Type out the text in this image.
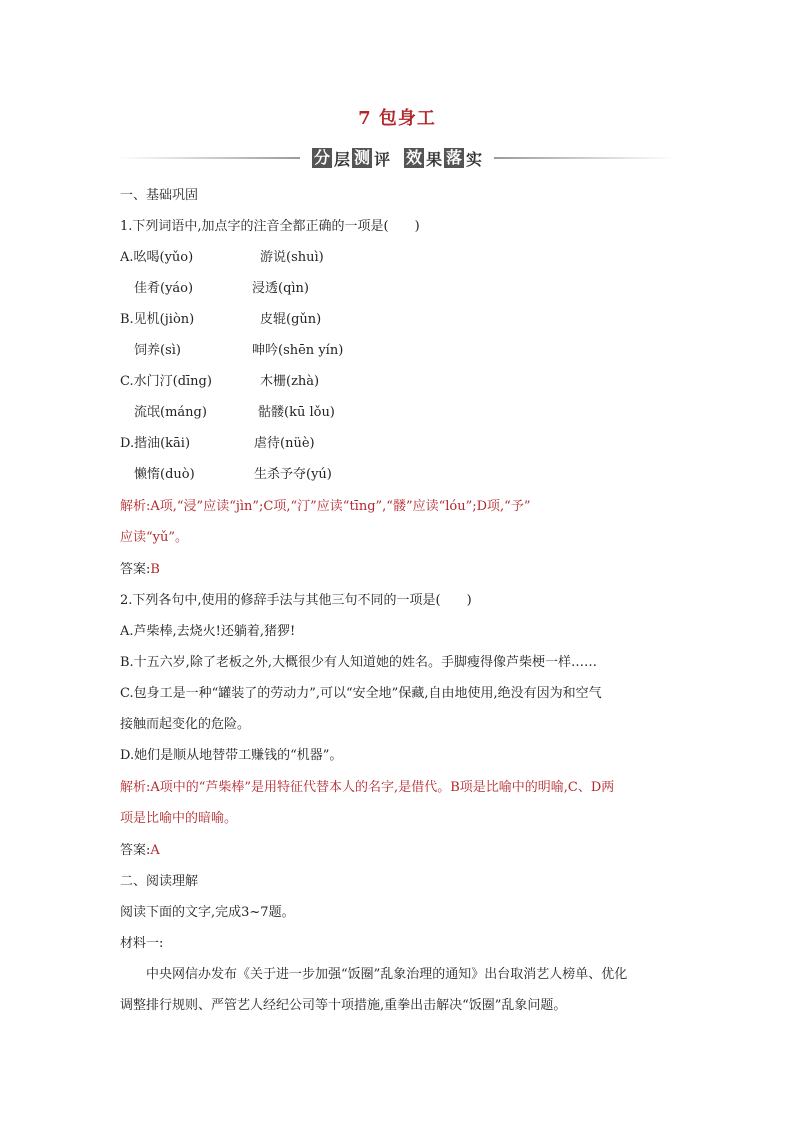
7 包身工
分 层 测 评 效 果 落 实
一、基础巩固
1.下列词语中,加点字的注音全都正确的一项是(　　)
A.吆喝(yǔo)	游说(shuì)
佳肴(yáo)	浸透(qìn)
B.见机(jiòn)	皮辊(gǔn)
饲养(sì)	呻吟(shēn yín)
C.水门汀(dīng)	木栅(zhà)
流氓(máng)	骷髅(kū lǒu)
D.揩油(kāi)	虐待(nüè)
懒惰(duò)	生杀予夺(yú)
解析:A项,“浸”应读“jìn”;C项,“汀”应读“tīng”,“髅”应读“lóu”;D项,“予”
应读“yǔ”。
答案:B
2.下列各句中,使用的修辞手法与其他三句不同的一项是(　　)
A.芦柴棒,去烧火!还躺着,猪猡!
B.十五六岁,除了老板之外,大概很少有人知道她的姓名。手脚瘦得像芦柴梗一样……
C.包身工是一种“罐装了的劳动力”,可以“安全地”保藏,自由地使用,绝没有因为和空气
接触而起变化的危险。
D.她们是顺从地替带工赚钱的“机器”。
解析:A项中的“芦柴棒”是用特征代替本人的名字,是借代。B项是比喻中的明喻,C、D两
项是比喻中的暗喻。
答案:A
二、阅读理解
阅读下面的文字,完成3~7题。
材料一:
中央网信办发布《关于进一步加强“饭圈”乱象治理的通知》出台取消艺人榜单、优化
调整排行规则、严管艺人经纪公司等十项措施,重拳出击解决“饭圈”乱象问题。
